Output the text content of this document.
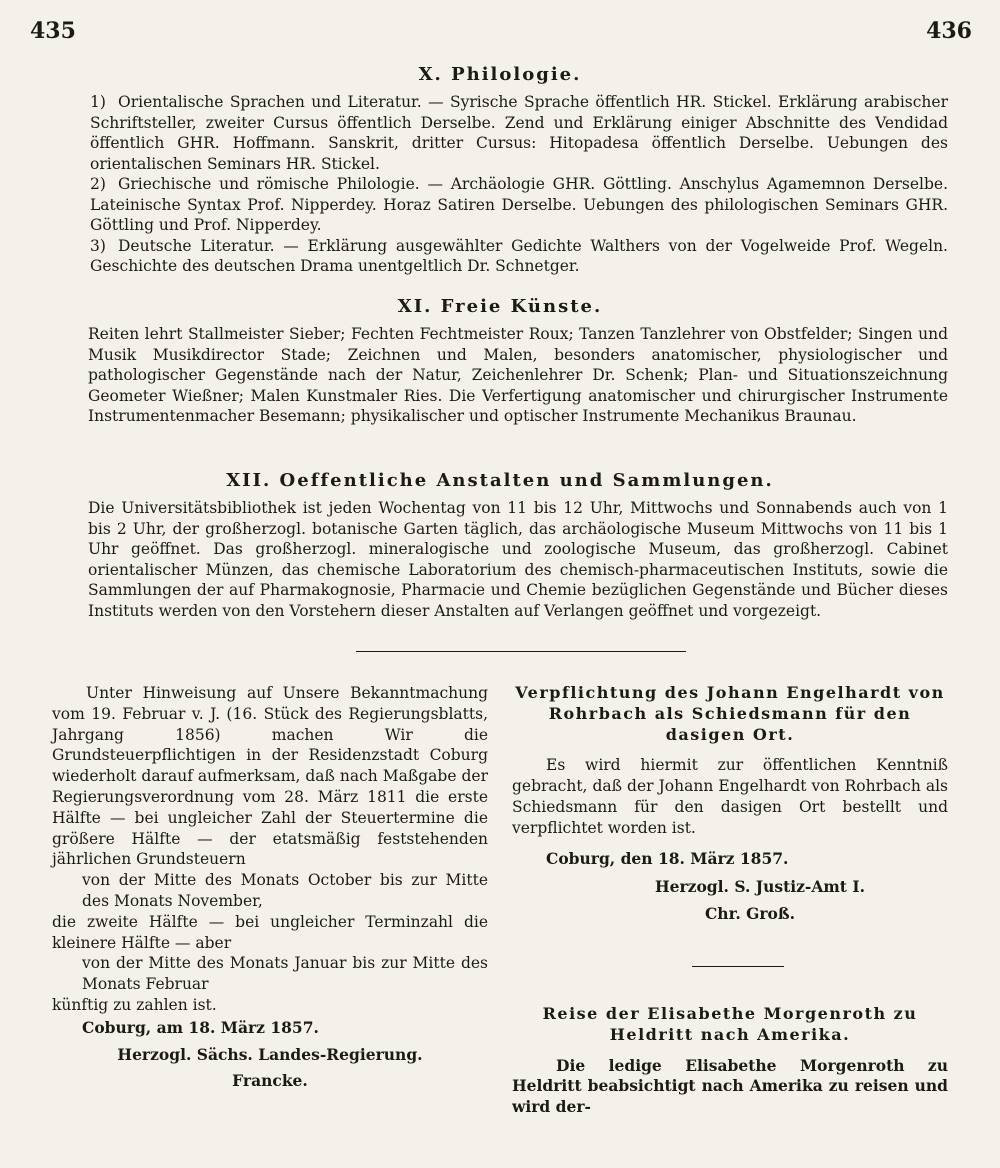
435	436
X. Philologie.

1) Orientalische Sprachen und Literatur. — Syrische Sprache öffentlich HR. Stickel. Erklärung arabischer Schriftsteller, zweiter Cursus öffentlich Derselbe. Zend und Erklärung einiger Abschnitte des Vendidad öffentlich GHR. Hoffmann. Sanskrit, dritter Cursus: Hitopadesa öffentlich Derselbe. Uebungen des orientalischen Seminars HR. Stickel.

2) Griechische und römische Philologie. — Archäologie GHR. Göttling. Anschylus Agamemnon Derselbe. Lateinische Syntax Prof. Nipperdey. Horaz Satiren Derselbe. Uebungen des philologischen Seminars GHR. Göttling und Prof. Nipperdey.

3) Deutsche Literatur. — Erklärung ausgewählter Gedichte Walthers von der Vogelweide Prof. Wegeln. Geschichte des deutschen Drama unentgeltlich Dr. Schnetger.

XI. Freie Künste.

Reiten lehrt Stallmeister Sieber; Fechten Fechtmeister Roux; Tanzen Tanzlehrer von Obstfelder; Singen und Musik Musikdirector Stade; Zeichnen und Malen, besonders anatomischer, physiologischer und pathologischer Gegenstände nach der Natur, Zeichenlehrer Dr. Schenk; Plan- und Situationszeichnung Geometer Wießner; Malen Kunstmaler Ries. Die Verfertigung anatomischer und chirurgischer Instrumente Instrumentenmacher Besemann; physikalischer und optischer Instrumente Mechanikus Braunau.

XII. Oeffentliche Anstalten und Sammlungen.

Die Universitätsbibliothek ist jeden Wochentag von 11 bis 12 Uhr, Mittwochs und Sonnabends auch von 1 bis 2 Uhr, der großherzogl. botanische Garten täglich, das archäologische Museum Mittwochs von 11 bis 1 Uhr geöffnet. Das großherzogl. mineralogische und zoologische Museum, das großherzogl. Cabinet orientalischer Münzen, das chemische Laboratorium des chemisch-pharmaceutischen Instituts, sowie die Sammlungen der auf Pharmakognosie, Pharmacie und Chemie bezüglichen Gegenstände und Bücher dieses Instituts werden von den Vorstehern dieser Anstalten auf Verlangen geöffnet und vorgezeigt.

Unter Hinweisung auf Unsere Bekanntmachung vom 19. Februar v. J. (16. Stück des Regierungsblatts, Jahrgang 1856) machen Wir die Grundsteuerpflichtigen in der Residenzstadt Coburg wiederholt darauf aufmerksam, daß nach Maßgabe der Regierungsverordnung vom 28. März 1811 die erste Hälfte — bei ungleicher Zahl der Steuertermine die größere Hälfte — der etatsmäßig feststehenden jährlichen Grundsteuern

von der Mitte des Monats October bis zur Mitte des Monats November,

die zweite Hälfte — bei ungleicher Terminzahl die kleinere Hälfte — aber

von der Mitte des Monats Januar bis zur Mitte des Monats Februar

künftig zu zahlen ist.

Coburg, am 18. März 1857.

Herzogl. Sächs. Landes-Regierung.

Francke.

Verpflichtung des Johann Engelhardt von Rohrbach als Schiedsmann für den dasigen Ort.

Es wird hiermit zur öffentlichen Kenntniß gebracht, daß der Johann Engelhardt von Rohrbach als Schiedsmann für den dasigen Ort bestellt und verpflichtet worden ist.

Coburg, den 18. März 1857.

Herzogl. S. Justiz-Amt I.

Chr. Groß.

Reise der Elisabethe Morgenroth zu Heldritt nach Amerika.

Die ledige Elisabethe Morgenroth zu Heldritt beabsichtigt nach Amerika zu reisen und wird der-
